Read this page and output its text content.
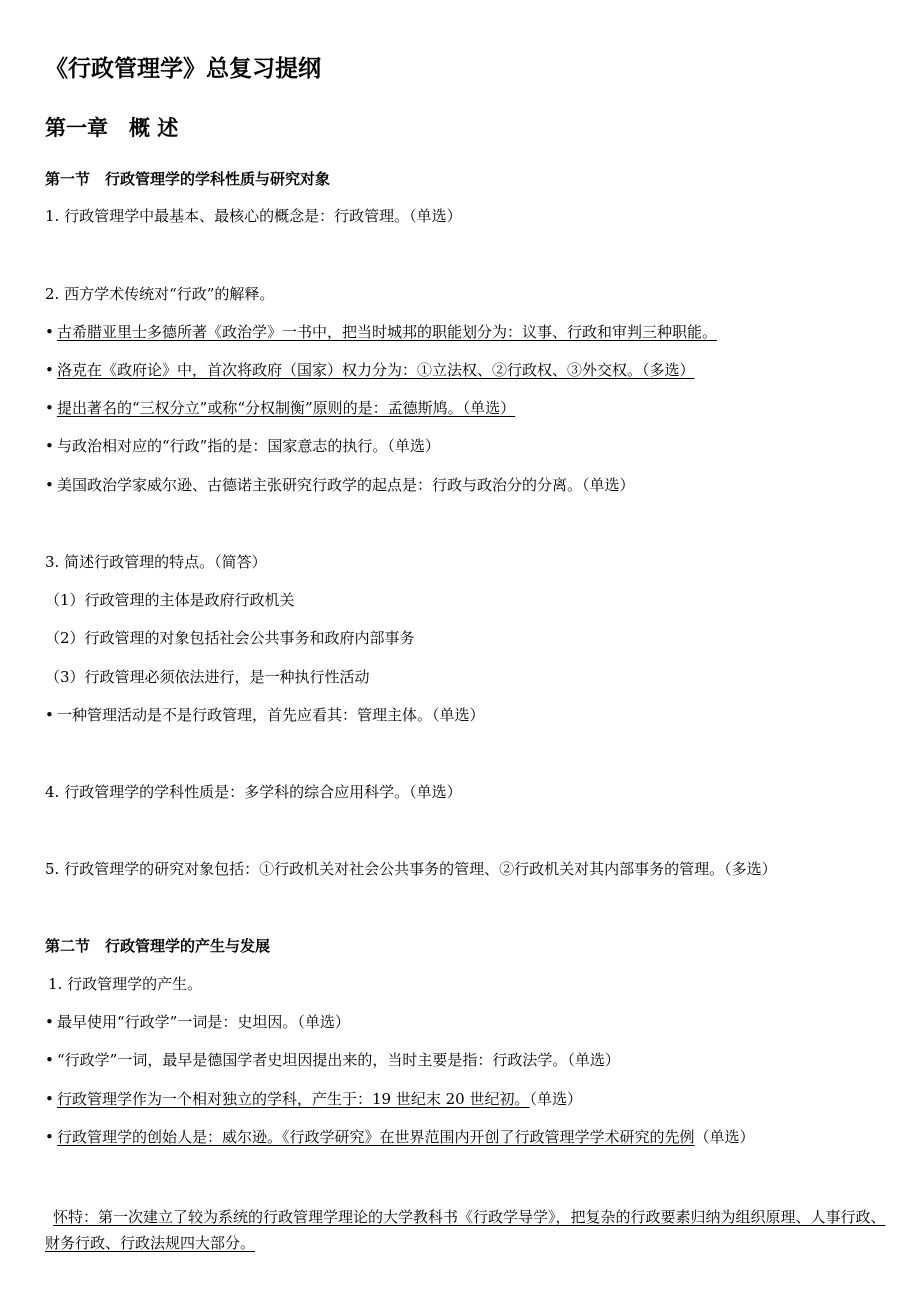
《行政管理学》总复习提纲
第一章　概 述
第一节　行政管理学的学科性质与研究对象
1. 行政管理学中最基本、最核心的概念是：行政管理。（单选）
2. 西方学术传统对“行政”的解释。
• 古希腊亚里士多德所著《政治学》一书中，把当时城邦的职能划分为：议事、行政和审判三种职能。
• 洛克在《政府论》中，首次将政府（国家）权力分为：①立法权、②行政权、③外交权。（多选）
• 提出著名的“三权分立”或称“分权制衡”原则的是：孟德斯鸠。（单选）
• 与政治相对应的“行政”指的是：国家意志的执行。（单选）
• 美国政治学家威尔逊、古德诺主张研究行政学的起点是：行政与政治分的分离。（单选）
3. 简述行政管理的特点。（简答）
（1）行政管理的主体是政府行政机关
（2）行政管理的对象包括社会公共事务和政府内部事务
（3）行政管理必须依法进行，是一种执行性活动
• 一种管理活动是不是行政管理，首先应看其：管理主体。（单选）
4. 行政管理学的学科性质是：多学科的综合应用科学。（单选）
5. 行政管理学的研究对象包括：①行政机关对社会公共事务的管理、②行政机关对其内部事务的管理。（多选）
第二节　行政管理学的产生与发展
1. 行政管理学的产生。
• 最早使用“行政学”一词是：史坦因。（单选）
• “行政学”一词，最早是德国学者史坦因提出来的，当时主要是指：行政法学。（单选）
• 行政管理学作为一个相对独立的学科，产生于：19 世纪末 20 世纪初。（单选）
• 行政管理学的创始人是：威尔逊。《行政学研究》在世界范围内开创了行政管理学学术研究的先例（单选）
怀特：第一次建立了较为系统的行政管理学理论的大学教科书《行政学导学》，把复杂的行政要素归纳为组织原理、人事行政、财务行政、行政法规四大部分。
